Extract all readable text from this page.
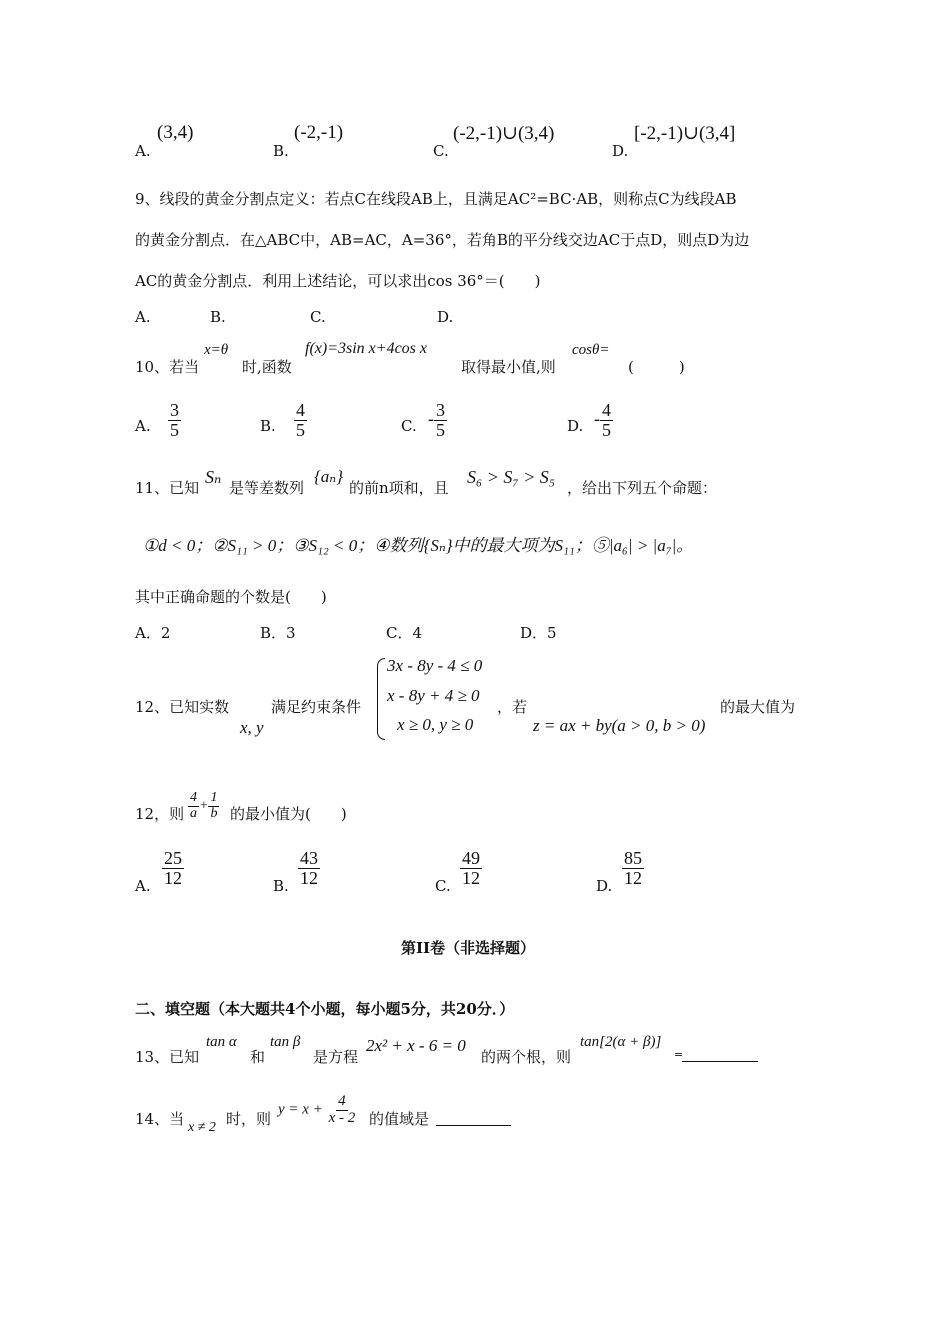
A.
(3,4)
B.
(-2,-1)
C.
(-2,-1)∪(3,4)
D.
[-2,-1)∪(3,4]
9、线段的黄金分割点定义：若点C在线段AB上，且满足AC²=BC·AB，则称点C为线段AB
的黄金分割点．在△ABC中，AB=AC，A=36°，若角B的平分线交边AC于点D，则点D为边
AC的黄金分割点．利用上述结论，可以求出cos 36°＝(　　)
A.	B.	C.	D.
10、若当
x=θ
时,函数
f(x)=3sin x+4cos x
取得最小值,则
cosθ=
(　　　)
A. $\frac{3}{5}$	B. $\frac{4}{5}$	C. - $\frac{3}{5}$	D. - $\frac{4}{5}$
11、已知
Sₙ
是等差数列
{aₙ}
的前n项和，且
S₆ > S₇ > S₅
，给出下列五个命题：
①d < 0；②S₁₁ > 0；③S₁₂ < 0；④数列{Sₙ}中的最大项为S₁₁；⑤|a₆| > |a₇|。
其中正确命题的个数是(　　)
A．2	B．3	C．4	D．5
12、已知实数
x, y
满足约束条件
3x - 8y - 4 ≤ 0
x - 8y + 4 ≥ 0
x ≥ 0, y ≥ 0
，若
z = ax + by(a > 0, b > 0)
的最大值为
12，则 $\frac{4}{a} + \frac{1}{b}$ 的最小值为(　　)
A. $\frac{25}{12}$	B. $\frac{43}{12}$	C. $\frac{49}{12}$	D. $\frac{85}{12}$
第II卷（非选择题）
二、填空题（本大题共4个小题，每小题5分，共20分．）
13、已知
tan α
和
tan β
是方程
2x² + x - 6 = 0
的两个根，则
tan[2(α + β)]
=
14、当 x ≠ 2 时，则
$y = x + \frac{4}{x - 2}$ 的值域是
